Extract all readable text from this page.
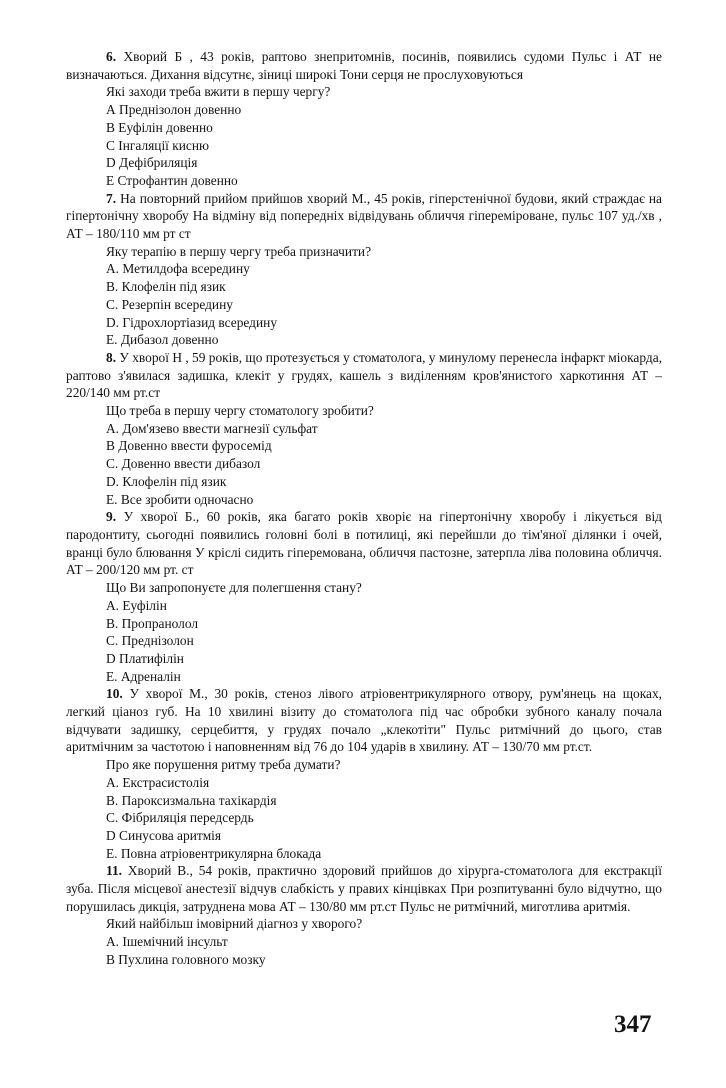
6. Хворий Б , 43 років, раптово знепритомнів, посинів, появились судоми Пульс і АТ не визначаються. Дихання відсутнє, зіниці широкі Тони серця не прослуховуються
Які заходи треба вжити в першу чергу?
А Преднізолон довенно
В Еуфілін довенно
С Інгаляції кисню
D Дефібриляція
Е Строфантин довенно
7. На повторний прийом прийшов хворий М., 45 років, гіперстенічної будови, який страждає на гіпертонічну хворобу На відміну від попередніх відвідувань обличчя гіпереміроване, пульс 107 уд./хв , АТ – 180/110 мм рт ст
Яку терапію в першу чергу треба призначити?
А. Метилдофа всередину
В. Клофелін під язик
С. Резерпін всередину
D. Гідрохлортіазид всередину
Е. Дибазол довенно
8. У хворої Н , 59 років, що протезується у стоматолога, у минулому перенесла інфаркт міокарда, раптово з'явилася задишка, клекіт у грудях, кашель з виділенням кров'янистого харкотиння АТ – 220/140 мм рт.ст
Що треба в першу чергу стоматологу зробити?
А. Дом'язево ввести магнезії сульфат
В Довенно ввести фуросемід
С. Довенно ввести дибазол
D. Клофелін під язик
Е. Все зробити одночасно
9. У хворої Б., 60 років, яка багато років хворіє на гіпертонічну хворобу і лікується від пародонтиту, сьогодні появились головні болі в потилиці, які перейшли до тім'яної ділянки і очей, вранці було блювання У кріслі сидить гіперемована, обличчя пастозне, затерпла ліва половина обличчя. АТ – 200/120 мм рт. ст
Що Ви запропонуєте для полегшення стану?
А. Еуфілін
В. Пропранолол
С. Преднізолон
D Платифілін
Е. Адреналін
10. У хворої М., 30 років, стеноз лівого атріовентрикулярного отвору, рум'янець на щоках, легкий ціаноз губ. На 10 хвилині візиту до стоматолога під час обробки зубного каналу почала відчувати задишку, серцебиття, у грудях почало „клекотіти" Пульс ритмічний до цього, став аритмічним за частотою і наповненням від 76 до 104 ударів в хвилину. АТ – 130/70 мм рт.ст.
Про яке порушення ритму треба думати?
А. Екстрасистолія
В. Пароксизмальна тахікардія
С. Фібриляція передсердь
D Синусова аритмія
Е. Повна атріовентрикулярна блокада
11. Хворий В., 54 років, практично здоровий прийшов до хірурга-стоматолога для екстракції зуба. Після місцевої анестезії відчув слабкість у правих кінцівках При розпитуванні було відчутно, що порушилась дикція, затруднена мова АТ – 130/80 мм рт.ст Пульс не ритмічний, миготлива аритмія.
Який найбільш імовірний діагноз у хворого?
А. Ішемічний інсульт
В Пухлина головного мозку
347
